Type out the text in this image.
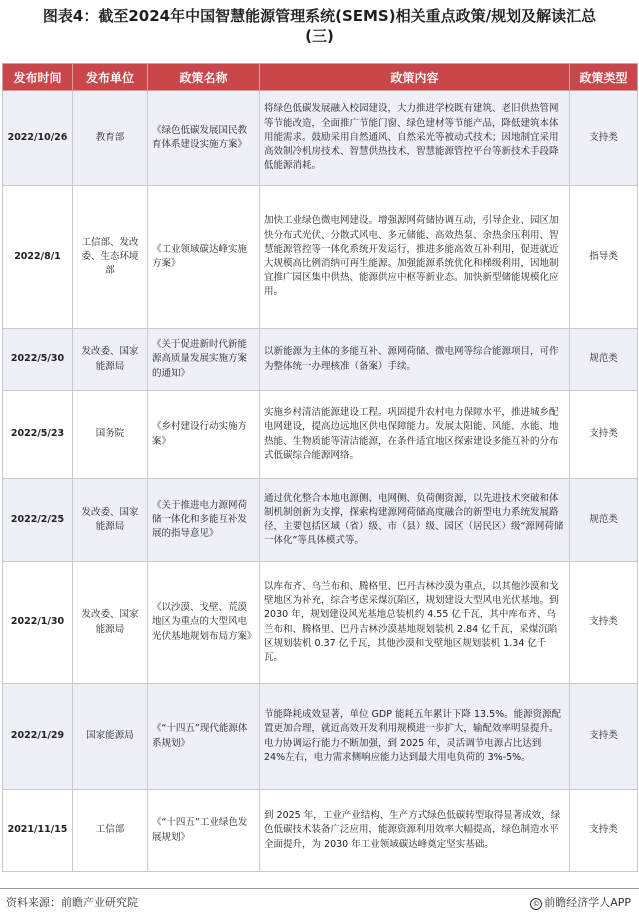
图表4：截至2024年中国智慧能源管理系统(SEMS)相关重点政策/规划及解读汇总
(三)
发布时间	发布单位	政策名称	政策内容	政策类型
2022/10/26	教育部	《绿色低碳发展国民教育体系建设实施方案》	将绿色低碳发展融入校园建设，大力推进学校既有建筑、老旧供热管网等节能改造，全面推广节能门窗、绿色建材等节能产品，降低建筑本体用能需求。鼓励采用自然通风、自然采光等被动式技术；因地制宜采用高效制冷机房技术、智慧供热技术，智慧能源管控平台等新技术手段降低能源消耗。	支持类
2022/8/1	工信部、发改委、生态环境部	《工业领域碳达峰实施方案》	加快工业绿色微电网建设。增强源网荷储协调互动，引导企业、园区加快分布式光伏、分散式风电、多元储能、高效热泵、余热余压利用、智慧能源管控等一体化系统开发运行，推进多能高效互补利用，促进就近大规模高比例消纳可再生能源。加强能源系统优化和梯级利用，因地制宜推广园区集中供热、能源供应中枢等新业态。加快新型储能规模化应用。	指导类
2022/5/30	发改委、国家能源局	《关于促进新时代新能源高质量发展实施方案的通知》	以新能源为主体的多能互补、源网荷储、微电网等综合能源项目，可作为整体统一办理核准（备案）手续。	规范类
2022/5/23	国务院	《乡村建设行动实施方案》	实施乡村清洁能源建设工程。巩固提升农村电力保障水平，推进城乡配电网建设，提高边远地区供电保障能力。发展太阳能、风能、水能、地热能、生物质能等清洁能源，在条件适宜地区探索建设多能互补的分布式低碳综合能源网络。	支持类
2022/2/25	发改委、国家能源局	《关于推进电力源网荷储一体化和多能互补发展的指导意见》	通过优化整合本地电源侧、电网侧、负荷侧资源，以先进技术突破和体制机制创新为支撑，探索构建源网荷储高度融合的新型电力系统发展路径，主要包括区域（省）级、市（县）级、园区（居民区）级“源网荷储一体化”等具体模式等。	规范类
2022/1/30	发改委、国家能源局	《以沙漠、戈壁、荒漠地区为重点的大型风电光伏基地规划布局方案》	以库布齐、乌兰布和、腾格里、巴丹吉林沙漠为重点，以其他沙漠和戈壁地区为补充，综合考虑采煤沉陷区，规划建设大型风电光伏基地。到 2030 年，规划建设风光基地总装机约 4.55 亿千瓦，其中库布齐、乌兰布和、腾格里、巴丹吉林沙漠基地规划装机 2.84 亿千瓦，采煤沉陷区规划装机 0.37 亿千瓦，其他沙漠和戈壁地区规划装机 1.34 亿千瓦。	支持类
2022/1/29	国家能源局	《“十四五”现代能源体系规划》	节能降耗成效显著，单位 GDP 能耗五年累计下降 13.5%。能源资源配置更加合理，就近高效开发利用规模进一步扩大，输配效率明显提升。电力协调运行能力不断加强，到 2025 年，灵活调节电源占比达到 24%左右，电力需求侧响应能力达到最大用电负荷的 3%-5%。	支持类
2021/11/15	工信部	《“十四五”工业绿色发展规划》	到 2025 年，工业产业结构、生产方式绿色低碳转型取得显著成效，绿色低碳技术装备广泛应用，能源资源利用效率大幅提高，绿色制造水平全面提升，为 2030 年工业领域碳达峰奠定坚实基础。	支持类
资料来源：前瞻产业研究院	© 前瞻经济学人APP
